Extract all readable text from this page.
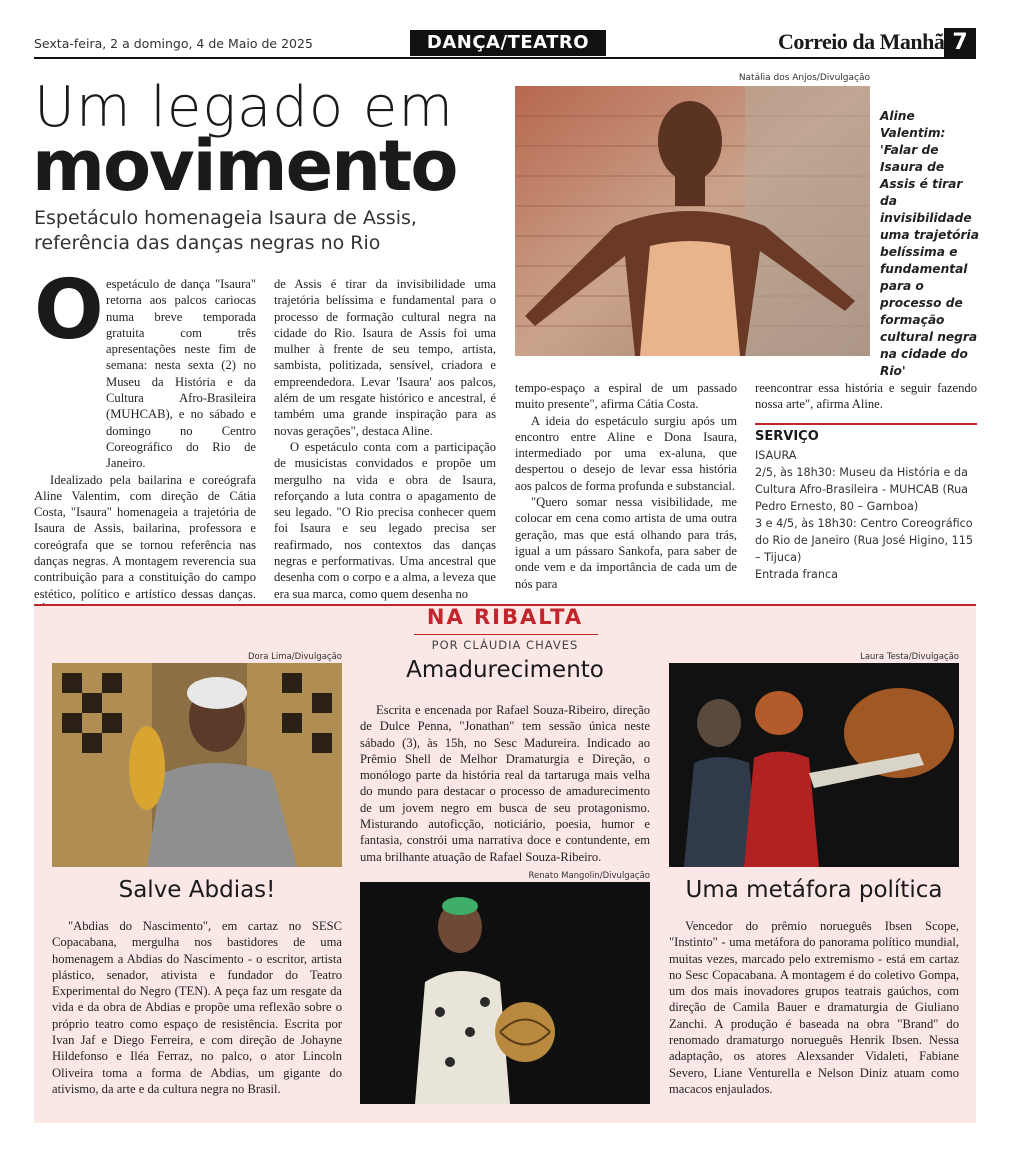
Sexta-feira, 2 a domingo, 4 de Maio de 2025	DANÇA/TEATRO	Correio da Manhã 7
Um legado em
movimento
Espetáculo homenageia Isaura de Assis, referência das danças negras no Rio
Natália dos Anjos/Divulgação
Aline Valentim: 'Falar de Isaura de Assis é tirar da invisibilidade uma trajetória belíssima e fundamental para o processo de formação cultural negra na cidade do Rio'
O espetáculo de dança "Isaura" retorna aos palcos cariocas numa breve temporada gratuita com três apresentações neste fim de semana: nesta sexta (2) no Museu da História e da Cultura Afro-Brasileira (MUHCAB), e no sábado e domingo no Centro Coreográfico do Rio de Janeiro.

Idealizado pela bailarina e coreógrafa Aline Valentim, com direção de Cátia Costa, "Isaura" homenageia a trajetória de Isaura de Assis, bailarina, professora e coreógrafa que se tornou referência nas danças negras. A montagem reverencia sua contribuição para a constituição do campo estético, político e artístico dessas danças.

de Assis é tirar da invisibilidade uma trajetória belíssima e fundamental para o processo de formação cultural negra na cidade do Rio. Isaura de Assis foi uma mulher à frente de seu tempo, artista, sambista, politizada, sensível, criadora e empreendedora. Levar 'Isaura' aos palcos, além de um resgate histórico e ancestral, é também uma grande inspiração para as novas gerações", destaca Aline.

O espetáculo conta com a participação de musicistas convidados e propõe um mergulho na vida e obra de Isaura, reforçando a luta contra o apagamento de seu legado. "O Rio precisa conhecer quem foi Isaura e seu legado precisa ser reafirmado, nos contextos das danças negras e performativas. Uma ancestral que desenha com o corpo e a alma, a leveza que era sua marca, como quem desenha no

tempo-espaço a espiral de um passado muito presente", afirma Cátia Costa.

A ideia do espetáculo surgiu após um encontro entre Aline e Dona Isaura, intermediado por uma ex-aluna, que despertou o desejo de levar essa história aos palcos de forma profunda e substancial.

"Quero somar nessa visibilidade, me colocar em cena como artista de uma outra geração, mas que está olhando para trás, igual a um pássaro Sankofa, para saber de onde vem e da importância de cada um de nós para

reencontrar essa história e seguir fazendo nossa arte", afirma Aline.

SERVIÇO
ISAURA
2/5, às 18h30: Museu da História e da Cultura Afro-Brasileira - MUHCAB (Rua Pedro Ernesto, 80 – Gamboa)
3 e 4/5, às 18h30: Centro Coreográfico do Rio de Janeiro (Rua José Higino, 115 – Tijuca)
Entrada franca
NA RIBALTA
POR CLÁUDIA CHAVES
Dora Lima/Divulgação
Salve Abdias!

"Abdias do Nascimento", em cartaz no SESC Copacabana, mergulha nos bastidores de uma homenagem a Abdias do Nascimento - o escritor, artista plástico, senador, ativista e fundador do Teatro Experimental do Negro (TEN). A peça faz um resgate da vida e da obra de Abdias e propõe uma reflexão sobre o próprio teatro como espaço de resistência. Escrita por Ivan Jaf e Diego Ferreira, e com direção de Johayne Hildefonso e Iléa Ferraz, no palco, o ator Lincoln Oliveira toma a forma de Abdias, um gigante do ativismo, da arte e da cultura negra no Brasil.

Amadurecimento

Escrita e encenada por Rafael Souza-Ribeiro, direção de Dulce Penna, "Jonathan" tem sessão única neste sábado (3), às 15h, no Sesc Madureira. Indicado ao Prêmio Shell de Melhor Dramaturgia e Direção, o monólogo parte da história real da tartaruga mais velha do mundo para destacar o processo de amadurecimento de um jovem negro em busca de seu protagonismo. Misturando autoficção, noticiário, poesia, humor e fantasia, constrói uma narrativa doce e contundente, em uma brilhante atuação de Rafael Souza-Ribeiro.

Renato Mangolin/Divulgação
Laura Testa/Divulgação
Uma metáfora política

Vencedor do prêmio norueguês Ibsen Scope, "Instinto" - uma metáfora do panorama político mundial, muitas vezes, marcado pelo extremismo - está em cartaz no Sesc Copacabana. A montagem é do coletivo Gompa, um dos mais inovadores grupos teatrais gaúchos, com direção de Camila Bauer e dramaturgia de Giuliano Zanchi. A produção é baseada na obra "Brand" do renomado dramaturgo norueguês Henrik Ibsen. Nessa adaptação, os atores Alexsander Vidaleti, Fabiane Severo, Liane Venturella e Nelson Diniz atuam como macacos enjaulados.
